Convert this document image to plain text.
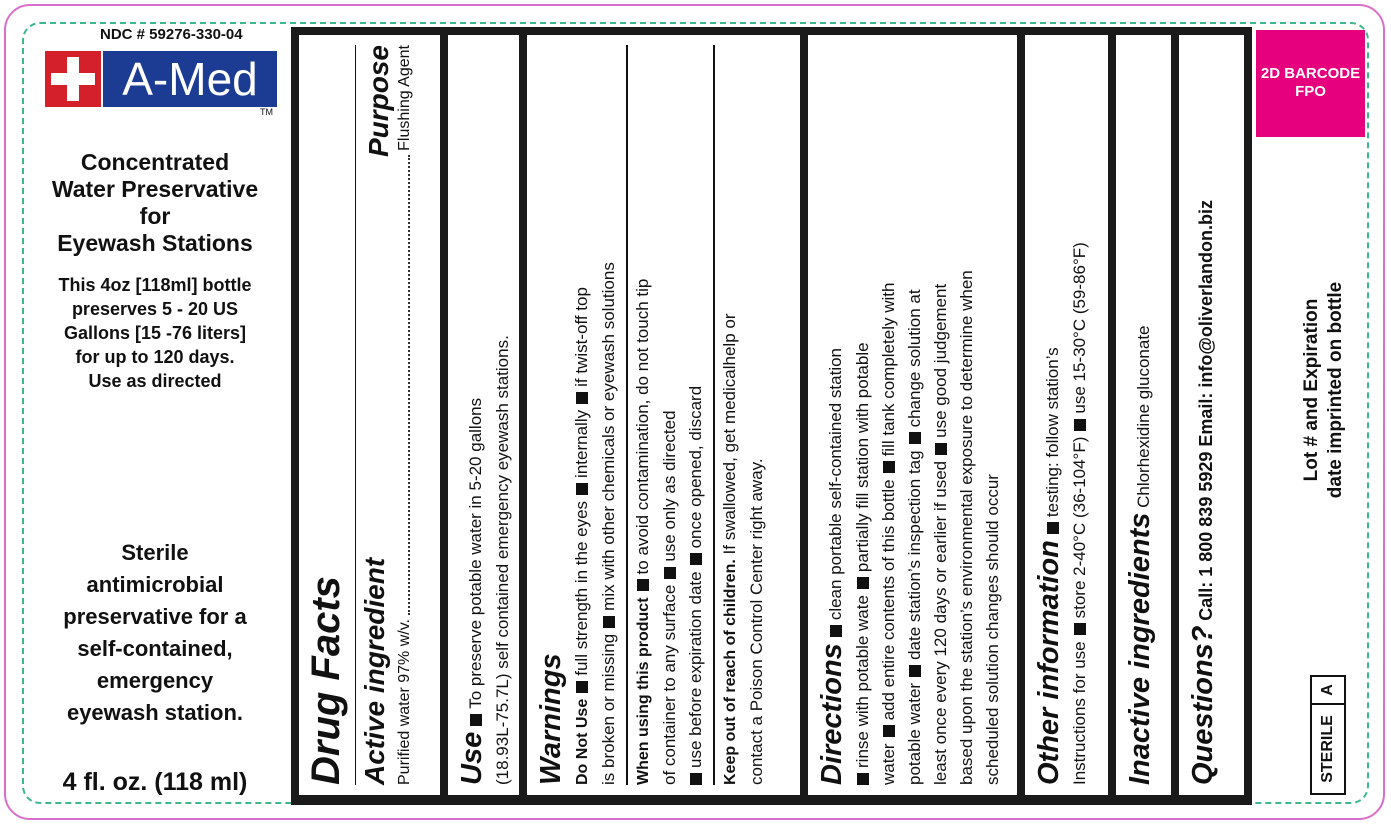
NDC # 59276-330-04
A-Med
TM
Concentrated
Water Preservative
for
Eyewash Stations
This 4oz [118ml] bottle
preserves 5 - 20 US
Gallons [15 -76 liters]
for up to 120 days.
Use as directed
Sterile
antimicrobial
preservative for a
self-contained,
emergency
eyewash station.
4 fl. oz. (118 ml)	Drug Facts Active ingredient
Purpose
Purified water 97% w/v.
Flushing Agent
UseTo preserve potable water in 5-20 gallons (18.93L-75.7L) self contained emergency eyewash stations. Warnings Do Not Usefull strength in the eyesinternallyif twist-off top
is broken or missingmix with other chemicals or eyewash solutions
When using this productto avoid contamination, do not touch tip
of container to any surfaceuse only as directed
use before expiration dateonce opened, discard
Keep out of reach of children. If swallowed, get medicalhelp or
contact a Poison Control Center right away. Directionsclean portable self-contained station
rinse with potable watepartially fill station with potable
wateradd entire contents of this bottlefill tank completely with
potable waterdate station’s inspection tagchange solution at
least once every 120 days or earlier if useduse good judgement based upon the station’s environmental exposure to determine when scheduled solution changes should occur Other informationtesting: follow station’s
Instructions for usestore 2-40°C (36-104°F)use 15-30°C (59-86°F)
Inactive ingredients Chlorhexidine gluconate
Questions? Call: 1 800 839 5929 Email: info@oliverlandon.biz
2D BARCODE
FPO
Lot # and Expiration date imprinted on bottle
STERILE
A
